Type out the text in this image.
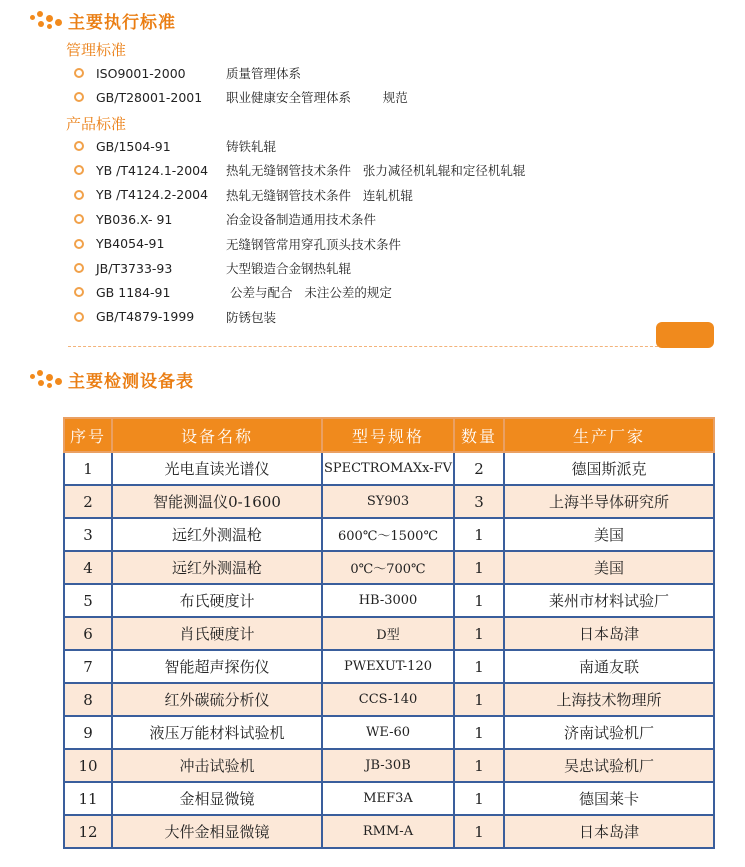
主要执行标准
管理标准
ISO9001-2000	质量管理体系
GB/T28001-2001	职业健康安全管理体系        规范
产品标准
GB/1504-91	铸铁轧辊
YB /T4124.1-2004	热轧无缝钢管技术条件   张力减径机轧辊和定径机轧辊
YB /T4124.2-2004	热轧无缝钢管技术条件   连轧机辊
YB036.X- 91	冶金设备制造通用技术条件
YB4054-91	无缝钢管常用穿孔顶头技术条件
JB/T3733-93	大型锻造合金钢热轧辊
GB 1184-91	公差与配合   未注公差的规定
GB/T4879-1999	防锈包装
主要检测设备表
序号	设备名称	型号规格	数量	生产厂家
1	光电直读光谱仪	SPECTROMAXx-FV	2	德国斯派克
2	智能测温仪0-1600	SY903	3	上海半导体研究所
3	远红外测温枪	600℃～1500℃	1	美国
4	远红外测温枪	0℃～700℃	1	美国
5	布氏硬度计	HB-3000	1	莱州市材料试验厂
6	肖氏硬度计	D型	1	日本岛津
7	智能超声探伤仪	PWEXUT-120	1	南通友联
8	红外碳硫分析仪	CCS-140	1	上海技术物理所
9	液压万能材料试验机	WE-60	1	济南试验机厂
10	冲击试验机	JB-30B	1	吴忠试验机厂
11	金相显微镜	MEF3A	1	德国莱卡
12	大件金相显微镜	RMM-A	1	日本岛津
